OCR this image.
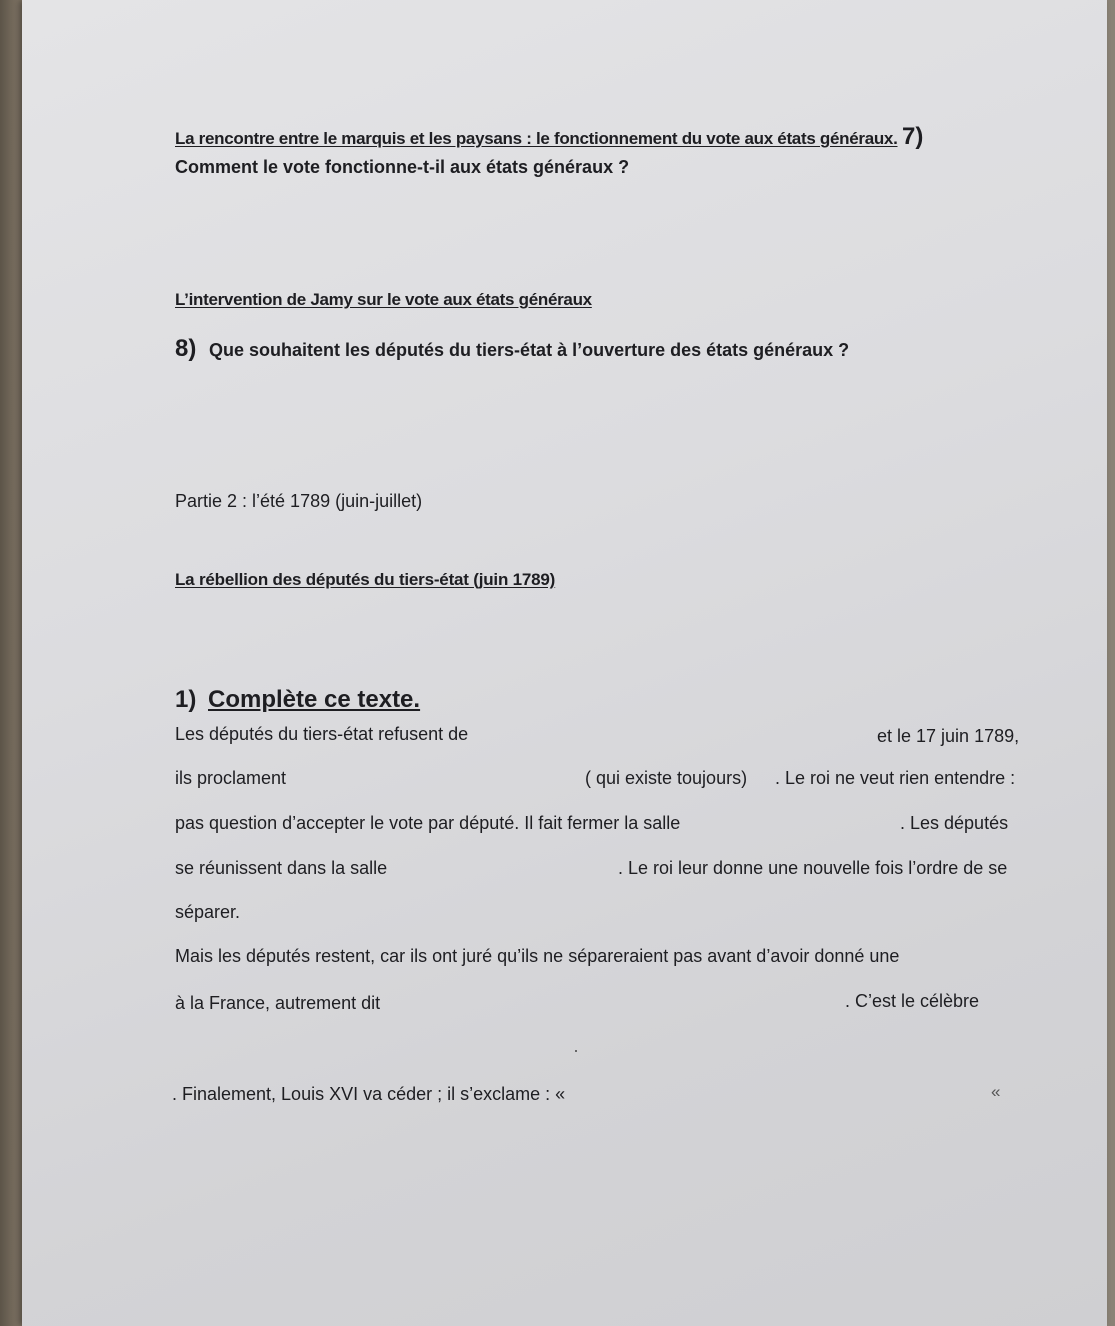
La rencontre entre le marquis et les paysans : le fonctionnement du vote aux états généraux. 7)
Comment le vote fonctionne-t-il aux états généraux ?
L’intervention de Jamy sur le vote aux états généraux
8) Que souhaitent les députés du tiers-état à l’ouverture des états généraux ?
Partie 2 : l’été 1789 (juin-juillet)
La rébellion des députés du tiers-état (juin 1789)
1) Complète ce texte.
Les députés du tiers-état refusent de	et le 17 juin 1789,
ils proclament	( qui existe toujours) . Le roi ne veut rien entendre :
pas question d’accepter le vote par député. Il fait fermer la salle	. Les députés
se réunissent dans la salle	. Le roi leur donne une nouvelle fois l’ordre de se
séparer.
Mais les députés restent, car ils ont juré qu’ils ne sépareraient pas avant d’avoir donné une
à la France, autrement dit	. C’est le célèbre
. Finalement, Louis XVI va céder ; il s’exclame : «	«
